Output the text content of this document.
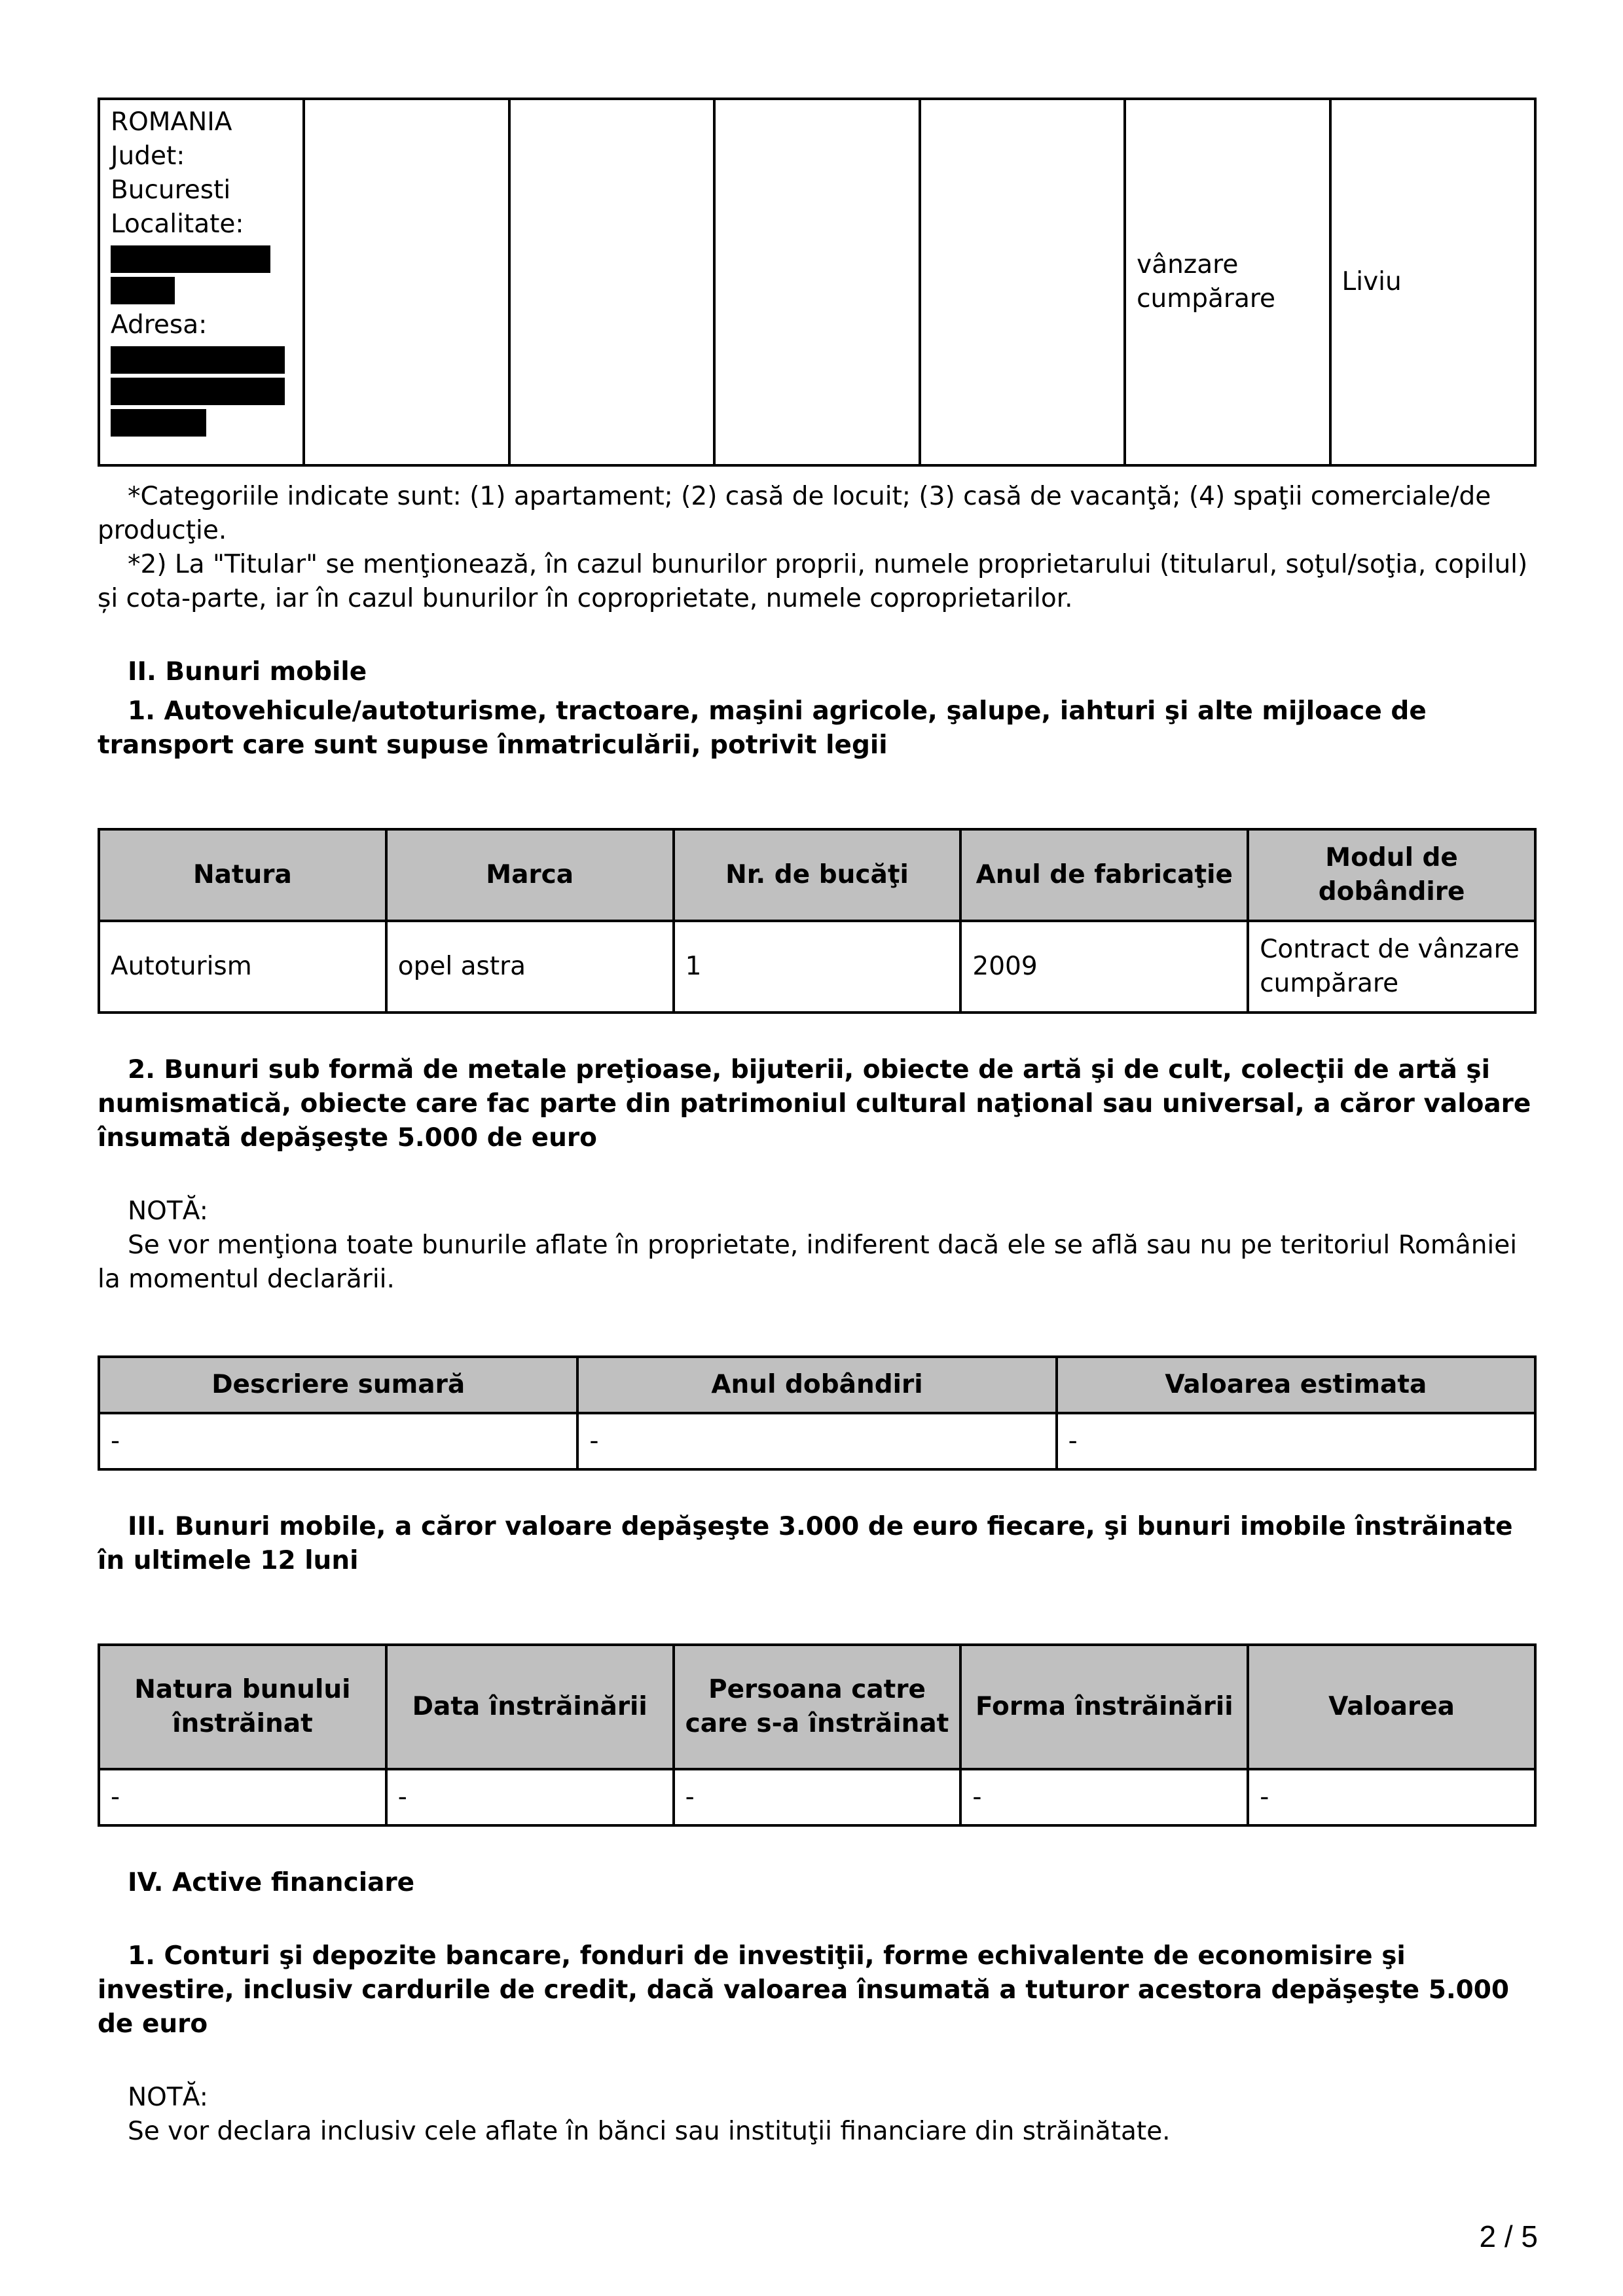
ROMANIA
Judet:
Bucuresti
Localitate:
Adresa:
					vânzare cumpărare	Liviu

*Categoriile indicate sunt: (1) apartament; (2) casă de locuit; (3) casă de vacanţă; (4) spaţii comerciale/de producţie.

*2) La "Titular" se menţionează, în cazul bunurilor proprii, numele proprietarului (titularul, soţul/soţia, copilul) și cota-parte, iar în cazul bunurilor în coproprietate, numele coproprietarilor.

II. Bunuri mobile

1. Autovehicule/autoturisme, tractoare, maşini agricole, şalupe, iahturi şi alte mijloace de transport care sunt supuse înmatriculării, potrivit legii

Natura	Marca	Nr. de bucăţi	Anul de fabricaţie	Modul de dobândire
Autoturism	opel astra	1	2009	Contract de vânzare cumpărare

2. Bunuri sub formă de metale preţioase, bijuterii, obiecte de artă şi de cult, colecţii de artă şi numismatică, obiecte care fac parte din patrimoniul cultural naţional sau universal, a căror valoare însumată depăşeşte 5.000 de euro

NOTĂ:

Se vor menţiona toate bunurile aflate în proprietate, indiferent dacă ele se află sau nu pe teritoriul României la momentul declarării.

Descriere sumară	Anul dobândiri	Valoarea estimata
-	-	-

III. Bunuri mobile, a căror valoare depăşeşte 3.000 de euro fiecare, şi bunuri imobile înstrăinate în ultimele 12 luni

Natura bunului înstrăinat	Data înstrăinării	Persoana catre care s-a înstrăinat	Forma înstrăinării	Valoarea
-	-	-	-	-

IV. Active financiare

1. Conturi şi depozite bancare, fonduri de investiţii, forme echivalente de economisire şi investire, inclusiv cardurile de credit, dacă valoarea însumată a tuturor acestora depăşeşte 5.000 de euro

NOTĂ:

Se vor declara inclusiv cele aflate în bănci sau instituţii financiare din străinătate.

2 / 5
